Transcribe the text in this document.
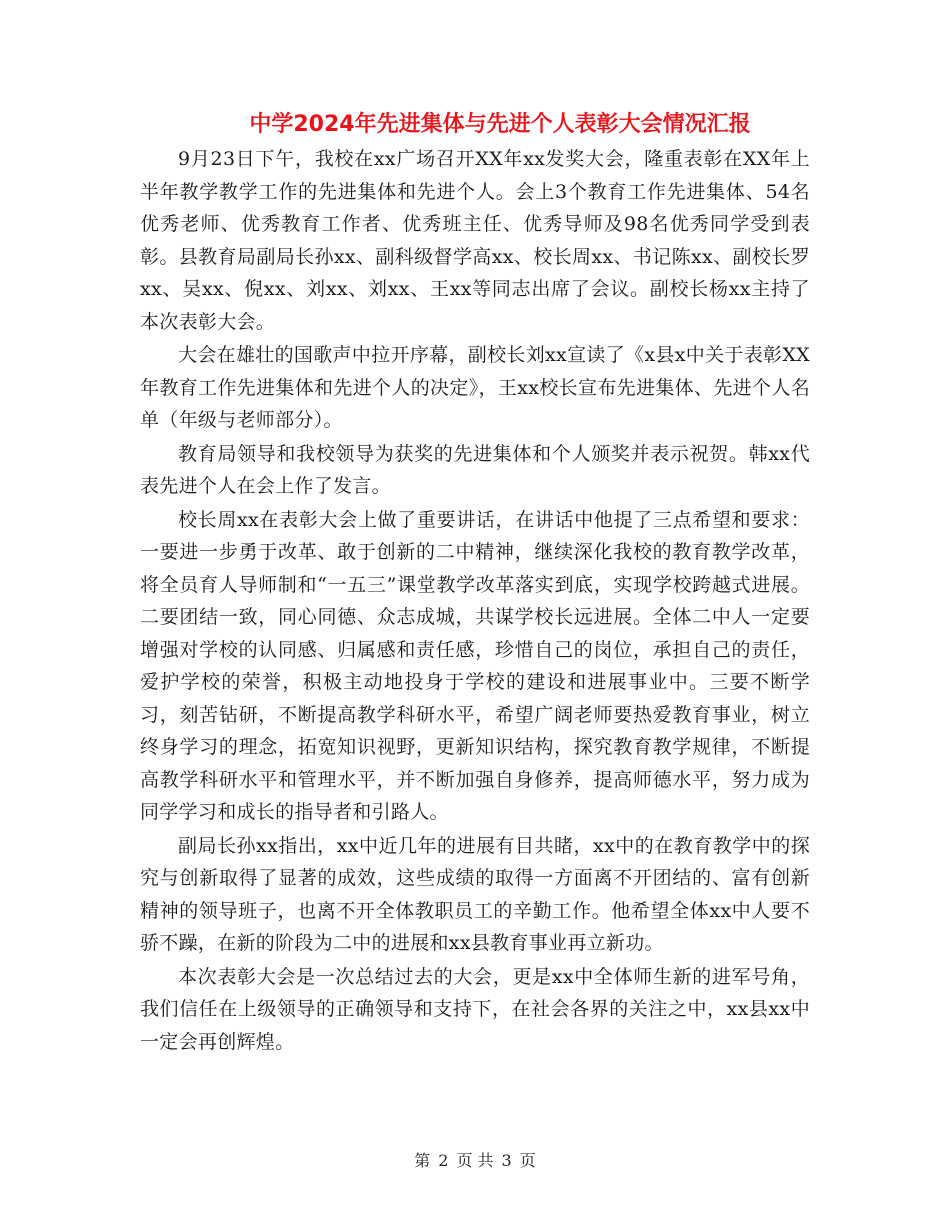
中学2024年先进集体与先进个人表彰大会情况汇报

9月23日下午，我校在xx广场召开XX年xx发奖大会，隆重表彰在XX年上半年教学教学工作的先进集体和先进个人。会上3个教育工作先进集体、54名优秀老师、优秀教育工作者、优秀班主任、优秀导师及98名优秀同学受到表彰。县教育局副局长孙xx、副科级督学高xx、校长周xx、书记陈xx、副校长罗xx、吴xx、倪xx、刘xx、刘xx、王xx等同志出席了会议。副校长杨xx主持了本次表彰大会。

大会在雄壮的国歌声中拉开序幕，副校长刘xx宣读了《x县x中关于表彰XX年教育工作先进集体和先进个人的决定》，王xx校长宣布先进集体、先进个人名单（年级与老师部分）。

教育局领导和我校领导为获奖的先进集体和个人颁奖并表示祝贺。韩xx代表先进个人在会上作了发言。

校长周xx在表彰大会上做了重要讲话，在讲话中他提了三点希望和要求：一要进一步勇于改革、敢于创新的二中精神，继续深化我校的教育教学改革，将全员育人导师制和“一五三”课堂教学改革落实到底，实现学校跨越式进展。二要团结一致，同心同德、众志成城，共谋学校长远进展。全体二中人一定要增强对学校的认同感、归属感和责任感，珍惜自己的岗位，承担自己的责任，爱护学校的荣誉，积极主动地投身于学校的建设和进展事业中。三要不断学习，刻苦钻研，不断提高教学科研水平，希望广阔老师要热爱教育事业，树立终身学习的理念，拓宽知识视野，更新知识结构，探究教育教学规律，不断提高教学科研水平和管理水平，并不断加强自身修养，提高师德水平，努力成为同学学习和成长的指导者和引路人。

副局长孙xx指出，xx中近几年的进展有目共睹，xx中的在教育教学中的探究与创新取得了显著的成效，这些成绩的取得一方面离不开团结的、富有创新精神的领导班子，也离不开全体教职员工的辛勤工作。他希望全体xx中人要不骄不躁，在新的阶段为二中的进展和xx县教育事业再立新功。

本次表彰大会是一次总结过去的大会，更是xx中全体师生新的进军号角，我们信任在上级领导的正确领导和支持下，在社会各界的关注之中，xx县xx中一定会再创辉煌。

第 2 页 共 3 页
